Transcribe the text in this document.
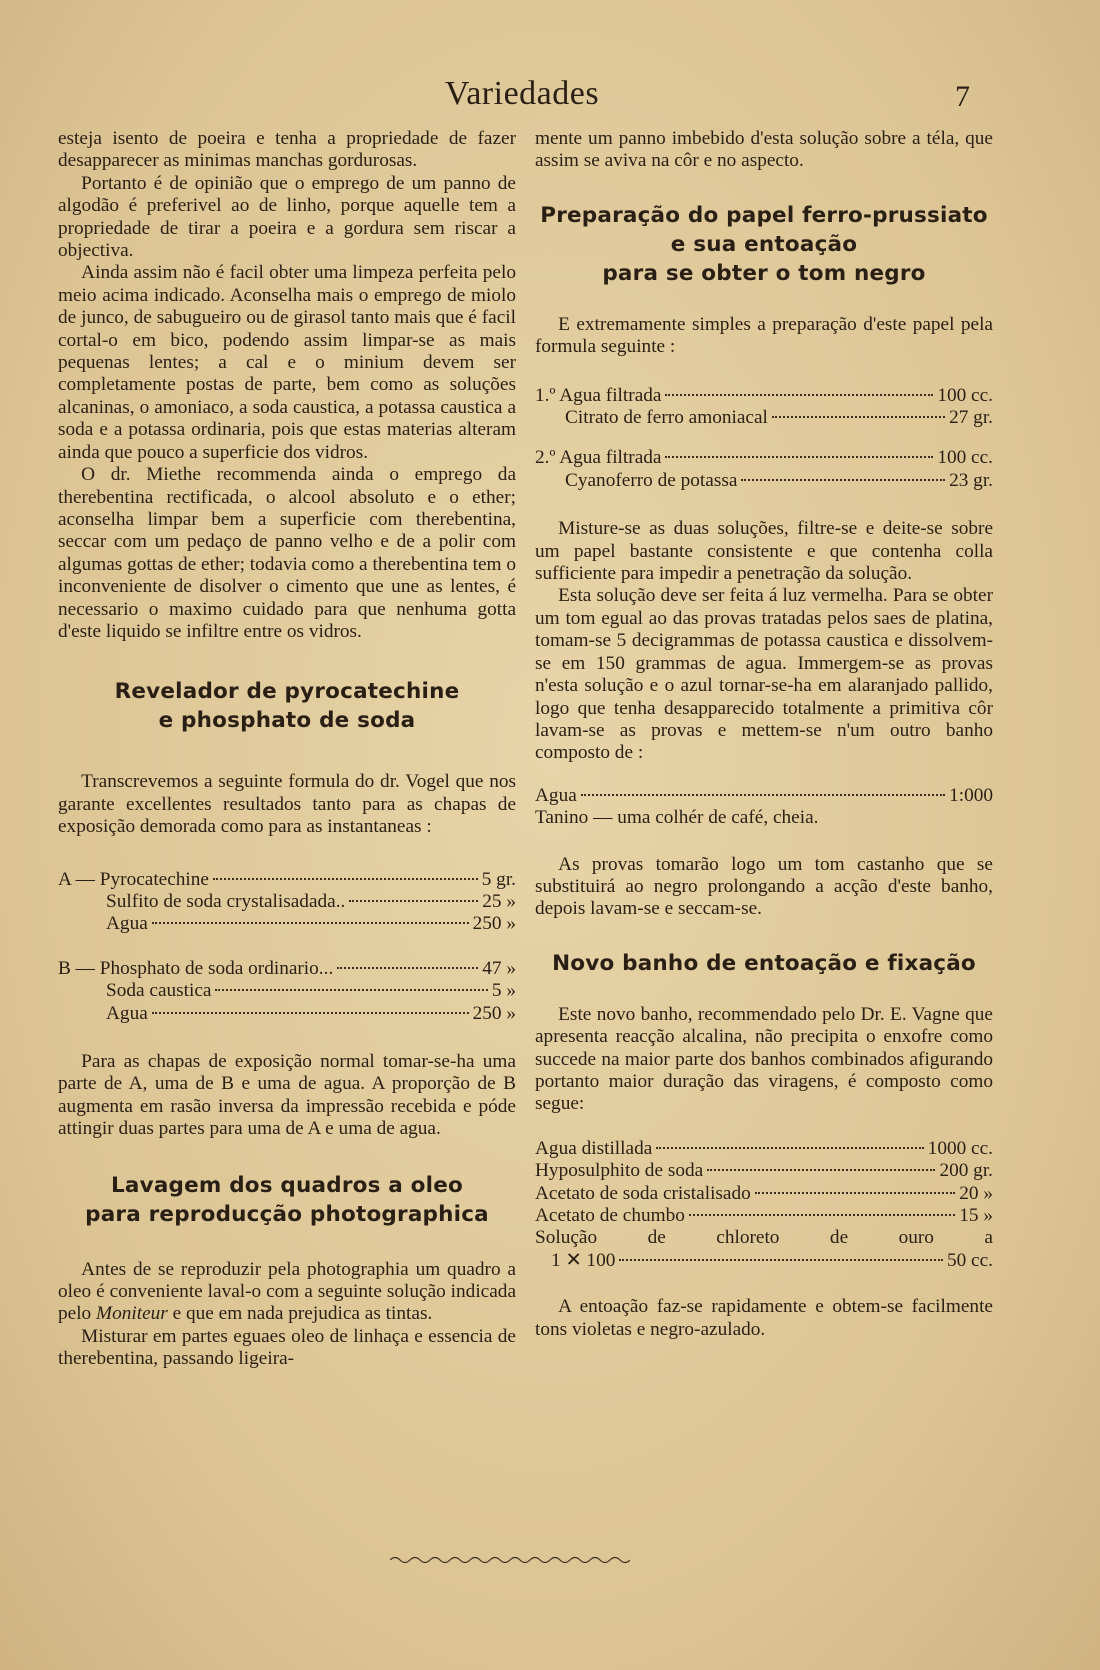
Variedades	7

esteja isento de poeira e tenha a propriedade de fazer desapparecer as minimas manchas gordurosas.

Portanto é de opinião que o emprego de um panno de algodão é preferivel ao de linho, porque aquelle tem a propriedade de tirar a poeira e a gordura sem riscar a objectiva.

Ainda assim não é facil obter uma limpeza perfeita pelo meio acima indicado. Aconselha mais o emprego de miolo de junco, de sabugueiro ou de girasol tanto mais que é facil cortal-o em bico, podendo assim limpar-se as mais pequenas lentes; a cal e o minium devem ser completamente postas de parte, bem como as soluções alcaninas, o amoniaco, a soda caustica, a potassa caustica a soda e a potassa ordinaria, pois que estas materias alteram ainda que pouco a superficie dos vidros.

O dr. Miethe recommenda ainda o emprego da therebentina rectificada, o alcool absoluto e o ether; aconselha limpar bem a superficie com therebentina, seccar com um pedaço de panno velho e de a polir com algumas gottas de ether; todavia como a therebentina tem o inconveniente de disolver o cimento que une as lentes, é necessario o maximo cuidado para que nenhuma gotta d'este liquido se infiltre entre os vidros.

Revelador de pyrocatechine
e phosphato de soda

Transcrevemos a seguinte formula do dr. Vogel que nos garante excellentes resultados tanto para as chapas de exposição demorada como para as instantaneas :

A — Pyrocatechine	5 gr.
Sulfito de soda crystalisadada..	25 »
Agua	250 »
B — Phosphato de soda ordinario...	47 »
Soda caustica	5 »
Agua	250 »

Para as chapas de exposição normal tomar-se-ha uma parte de A, uma de B e uma de agua. A proporção de B augmenta em rasão inversa da impressão recebida e póde attingir duas partes para uma de A e uma de agua.

Lavagem dos quadros a oleo
para reproducção photographica

Antes de se reproduzir pela photographia um quadro a oleo é conveniente laval-o com a seguinte solução indicada pelo Moniteur e que em nada prejudica as tintas.

Misturar em partes eguaes oleo de linhaça e essencia de therebentina, passando ligeira-

mente um panno imbebido d'esta solução sobre a téla, que assim se aviva na côr e no aspecto.

Preparação do papel ferro-prussiato
e sua entoação
para se obter o tom negro

E extremamente simples a preparação d'este papel pela formula seguinte :

1.º Agua filtrada	100 cc.
Citrato de ferro amoniacal	27 gr.
2.º Agua filtrada	100 cc.
Cyanoferro de potassa	23 gr.

Misture-se as duas soluções, filtre-se e deite-se sobre um papel bastante consistente e que contenha colla sufficiente para impedir a penetração da solução.

Esta solução deve ser feita á luz vermelha. Para se obter um tom egual ao das provas tratadas pelos saes de platina, tomam-se 5 decigrammas de potassa caustica e dissolvem-se em 150 grammas de agua. Immergem-se as provas n'esta solução e o azul tornar-se-ha em alaranjado pallido, logo que tenha desapparecido totalmente a primitiva côr lavam-se as provas e mettem-se n'um outro banho composto de :

Agua	1:000

Tanino — uma colhér de café, cheia.

As provas tomarão logo um tom castanho que se substituirá ao negro prolongando a acção d'este banho, depois lavam-se e seccam-se.

Novo banho de entoação e fixação

Este novo banho, recommendado pelo Dr. E. Vagne que apresenta reacção alcalina, não precipita o enxofre como succede na maior parte dos banhos combinados afigurando portanto maior duração das viragens, é composto como segue:

Agua distillada	1000 cc.
Hyposulphito de soda	200 gr.
Acetato de soda cristalisado	20 »
Acetato de chumbo	15 »
Solução de chloreto de ouro a
1 ✕ 100	50 cc.

A entoação faz-se rapidamente e obtem-se facilmente tons violetas e negro-azulado.
